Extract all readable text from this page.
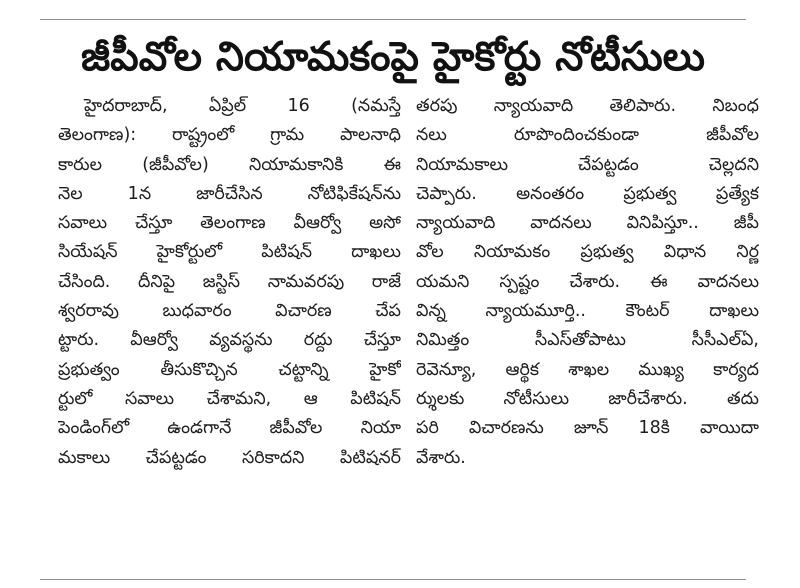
జీపీవోల నియామకంపై హైకోర్టు నోటీసులు
హైదరాబాద్, ఏప్రిల్ 16 (నమస్తే
తెలంగాణ): రాష్ట్రంలో గ్రామ పాలనాధి
కారుల (జీపీవోల) నియామకానికి ఈ
నెల 1న జారీచేసిన నోటిఫికేషన్‌ను
సవాలు చేస్తూ తెలంగాణ వీఆర్వో అసో
సియేషన్ హైకోర్టులో పిటిషన్ దాఖలు
చేసింది. దీనిపై జస్టిస్ నామవరపు రాజే
శ్వరరావు బుధవారం విచారణ చేప
ట్టారు. వీఆర్వో వ్యవస్థను రద్దు చేస్తూ
ప్రభుత్వం తీసుకొచ్చిన చట్టాన్ని హైకో
ర్టులో సవాలు చేశామని, ఆ పిటిషన్
పెండింగ్‌లో ఉండగానే జీపీవోల నియా
మకాలు చేపట్టడం సరికాదని పిటిషనర్
తరపు న్యాయవాది తెలిపారు. నిబంధ
నలు రూపొందించకుండా జీపీవోల
నియామకాలు చేపట్టడం చెల్లదని
చెప్పారు. అనంతరం ప్రభుత్వ ప్రత్యేక
న్యాయవాది వాదనలు వినిపిస్తూ.. జీపీ
వోల నియామకం ప్రభుత్వ విధాన నిర్ణ
యమని స్పష్టం చేశారు. ఈ వాదనలు
విన్న న్యాయమూర్తి.. కౌంటర్ దాఖలు
నిమిత్తం సీఎస్‌తోపాటు సీసీఎల్ఏ,
రెవెన్యూ, ఆర్థిక శాఖల ముఖ్య కార్యద
ర్శులకు నోటీసులు జారీచేశారు. తదు
పరి విచారణను జూన్ 18కి వాయిదా
వేశారు.
